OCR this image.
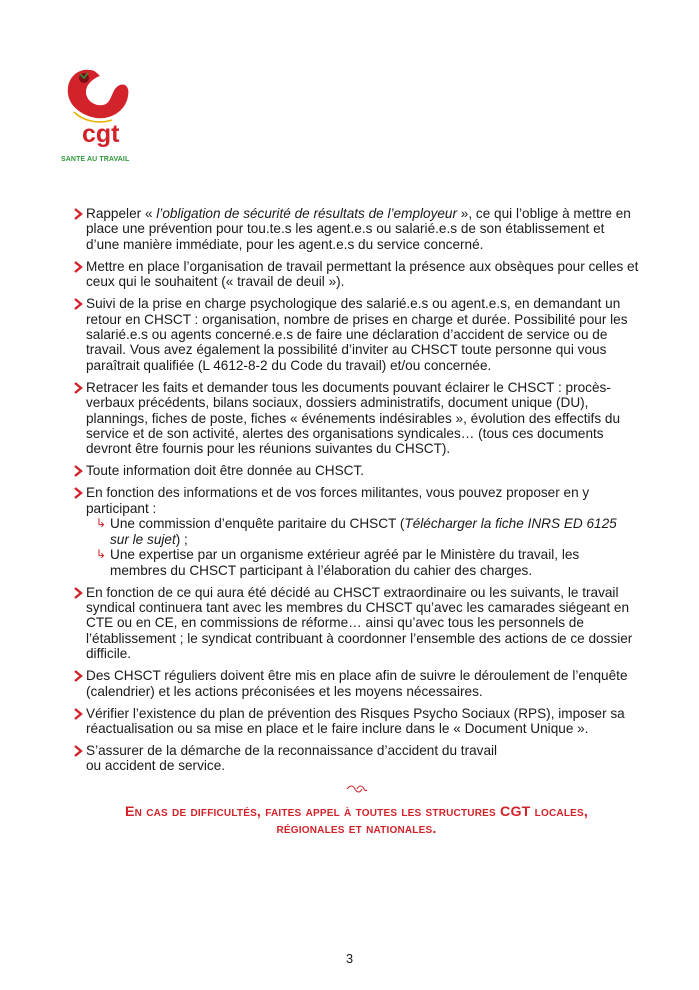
cgt
SANTE AU TRAVAIL
Rappeler « l’obligation de sécurité de résultats de l’employeur », ce qui l’oblige à mettre en place une prévention pour tou.te.s les agent.e.s ou salarié.e.s de son établissement et d’une manière immédiate, pour les agent.e.s du service concerné.
Mettre en place l’organisation de travail permettant la présence aux obsèques pour celles et ceux qui le souhaitent (« travail de deuil »).
Suivi de la prise en charge psychologique des salarié.e.s ou agent.e.s, en demandant un retour en CHSCT : organisation, nombre de prises en charge et durée. Possibilité pour les salarié.e.s ou agents concerné.e.s de faire une déclaration d’accident de service ou de travail. Vous avez également la possibilité d’inviter au CHSCT toute personne qui vous paraîtrait qualifiée (L 4612-8-2 du Code du travail) et/ou concernée.
Retracer les faits et demander tous les documents pouvant éclairer le CHSCT : procès-verbaux précédents, bilans sociaux, dossiers administratifs, document unique (DU), plannings, fiches de poste, fiches « événements indésirables », évolution des effectifs du service et de son activité, alertes des organisations syndicales… (tous ces documents devront être fournis pour les réunions suivantes du CHSCT).
Toute information doit être donnée au CHSCT.
En fonction des informations et de vos forces militantes, vous pouvez proposer en y participant :
↳ Une commission d’enquête paritaire du CHSCT (Télécharger la fiche INRS ED 6125 sur le sujet) ;
↳ Une expertise par un organisme extérieur agréé par le Ministère du travail, les membres du CHSCT participant à l’élaboration du cahier des charges.
En fonction de ce qui aura été décidé au CHSCT extraordinaire ou les suivants, le travail syndical continuera tant avec les membres du CHSCT qu’avec les camarades siégeant en CTE ou en CE, en commissions de réforme… ainsi qu’avec tous les personnels de l’établissement ; le syndicat contribuant à coordonner l’ensemble des actions de ce dossier difficile.
Des CHSCT réguliers doivent être mis en place afin de suivre le déroulement de l’enquête (calendrier) et les actions préconisées et les moyens nécessaires.
Vérifier l’existence du plan de prévention des Risques Psycho Sociaux (RPS), imposer sa réactualisation ou sa mise en place et le faire inclure dans le « Document Unique ».
S’assurer de la démarche de la reconnaissance d’accident du travail
ou accident de service.
En cas de difficultés, faites appel à toutes les structures CGT locales,
régionales et nationales.
3
